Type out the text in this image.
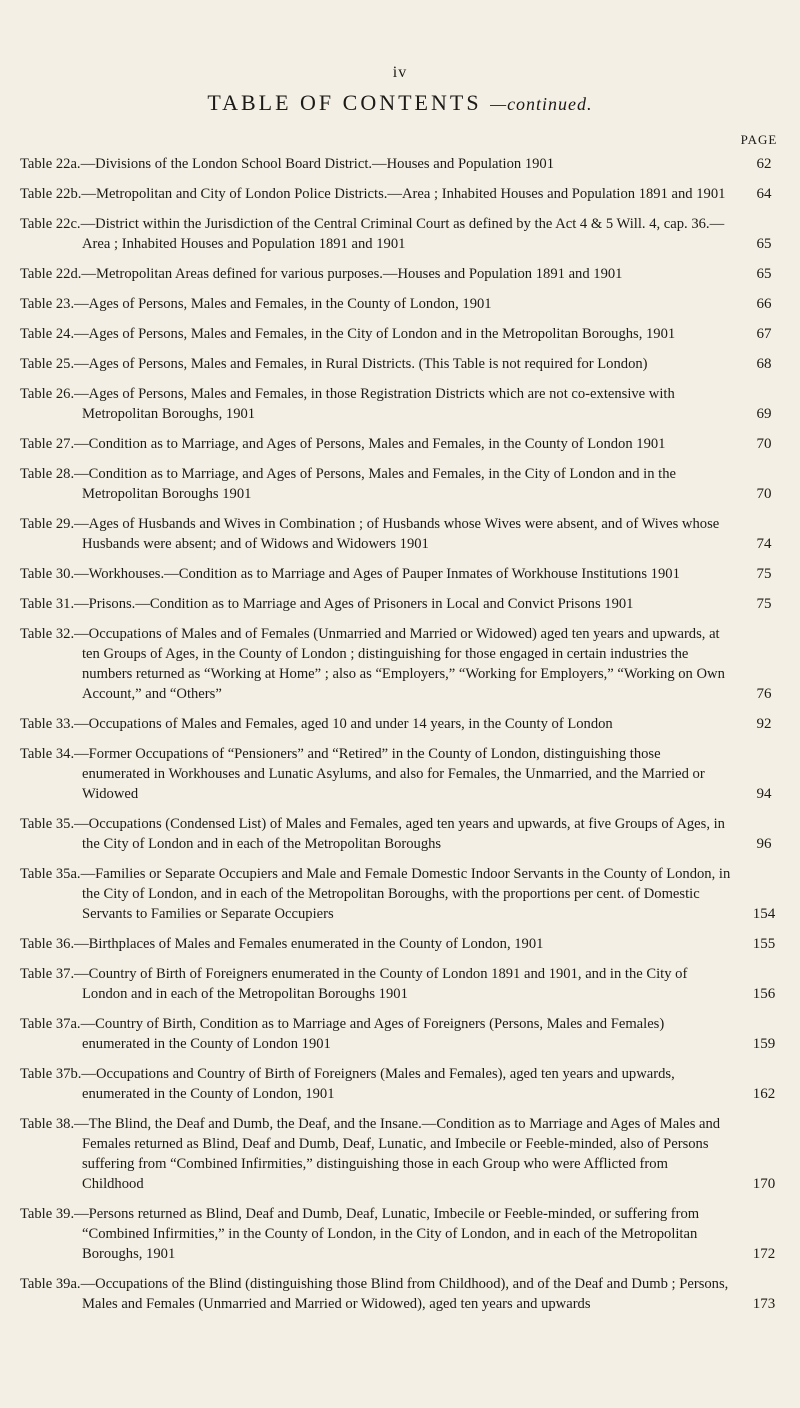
iv
TABLE OF CONTENTS —continued.
PAGE
Table 22a.—Divisions of the London School Board District.—Houses and Population 1901	62
Table 22b.—Metropolitan and City of London Police Districts.—Area ; Inhabited Houses and Population 1891 and 1901	64
Table 22c.—District within the Jurisdiction of the Central Criminal Court as defined by the Act 4 & 5 Will. 4, cap. 36.—Area ; Inhabited Houses and Population 1891 and 1901	65
Table 22d.—Metropolitan Areas defined for various purposes.—Houses and Population 1891 and 1901	65
Table 23.—Ages of Persons, Males and Females, in the County of London, 1901	66
Table 24.—Ages of Persons, Males and Females, in the City of London and in the Metropolitan Boroughs, 1901	67
Table 25.—Ages of Persons, Males and Females, in Rural Districts. (This Table is not required for London)	68
Table 26.—Ages of Persons, Males and Females, in those Registration Districts which are not co-extensive with Metropolitan Boroughs, 1901	69
Table 27.—Condition as to Marriage, and Ages of Persons, Males and Females, in the County of London 1901	70
Table 28.—Condition as to Marriage, and Ages of Persons, Males and Females, in the City of London and in the Metropolitan Boroughs 1901	70
Table 29.—Ages of Husbands and Wives in Combination ; of Husbands whose Wives were absent, and of Wives whose Husbands were absent; and of Widows and Widowers 1901	74
Table 30.—Workhouses.—Condition as to Marriage and Ages of Pauper Inmates of Workhouse Institutions 1901	75
Table 31.—Prisons.—Condition as to Marriage and Ages of Prisoners in Local and Convict Prisons 1901	75
Table 32.—Occupations of Males and of Females (Unmarried and Married or Widowed) aged ten years and upwards, at ten Groups of Ages, in the County of London ; distinguishing for those engaged in certain industries the numbers returned as “Working at Home” ; also as “Employers,” “Working for Employers,” “Working on Own Account,” and “Others”	76
Table 33.—Occupations of Males and Females, aged 10 and under 14 years, in the County of London	92
Table 34.—Former Occupations of “Pensioners” and “Retired” in the County of London, distinguishing those enumerated in Workhouses and Lunatic Asylums, and also for Females, the Unmarried, and the Married or Widowed	94
Table 35.—Occupations (Condensed List) of Males and Females, aged ten years and upwards, at five Groups of Ages, in the City of London and in each of the Metropolitan Boroughs	96
Table 35a.—Families or Separate Occupiers and Male and Female Domestic Indoor Servants in the County of London, in the City of London, and in each of the Metropolitan Boroughs, with the proportions per cent. of Domestic Servants to Families or Separate Occupiers	154
Table 36.—Birthplaces of Males and Females enumerated in the County of London, 1901	155
Table 37.—Country of Birth of Foreigners enumerated in the County of London 1891 and 1901, and in the City of London and in each of the Metropolitan Boroughs 1901	156
Table 37a.—Country of Birth, Condition as to Marriage and Ages of Foreigners (Persons, Males and Females) enumerated in the County of London 1901	159
Table 37b.—Occupations and Country of Birth of Foreigners (Males and Females), aged ten years and upwards, enumerated in the County of London, 1901	162
Table 38.—The Blind, the Deaf and Dumb, the Deaf, and the Insane.—Condition as to Marriage and Ages of Males and Females returned as Blind, Deaf and Dumb, Deaf, Lunatic, and Imbecile or Feeble-minded, also of Persons suffering from “Combined Infirmities,” distinguishing those in each Group who were Afflicted from Childhood	170
Table 39.—Persons returned as Blind, Deaf and Dumb, Deaf, Lunatic, Imbecile or Feeble-minded, or suffering from “Combined Infirmities,” in the County of London, in the City of London, and in each of the Metropolitan Boroughs, 1901	172
Table 39a.—Occupations of the Blind (distinguishing those Blind from Childhood), and of the Deaf and Dumb ; Persons, Males and Females (Unmarried and Married or Widowed), aged ten years and upwards	173
